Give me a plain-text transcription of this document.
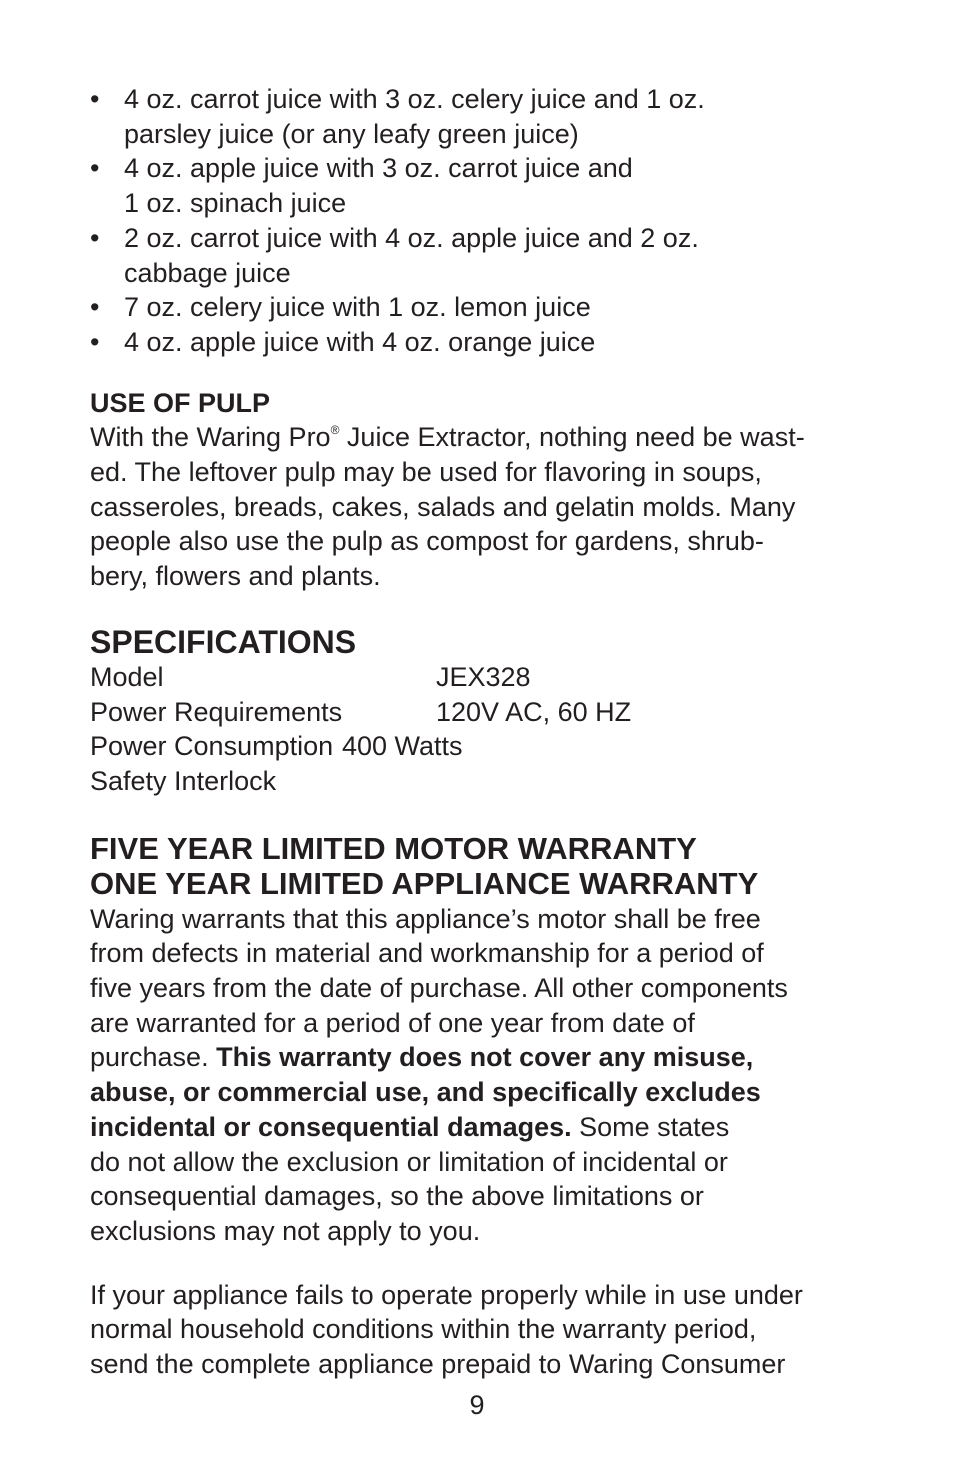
• 4 oz. carrot juice with 3 oz. celery juice and 1 oz.
parsley juice (or any leafy green juice)
• 4 oz. apple juice with 3 oz. carrot juice and
1 oz. spinach juice
• 2 oz. carrot juice with 4 oz. apple juice and 2 oz.
cabbage juice
• 7 oz. celery juice with 1 oz. lemon juice
• 4 oz. apple juice with 4 oz. orange juice
USE OF PULP
With the Waring Pro® Juice Extractor, nothing need be wast-
ed. The leftover pulp may be used for flavoring in soups,
casseroles, breads, cakes, salads and gelatin molds. Many
people also use the pulp as compost for gardens, shrub-
bery, flowers and plants.
SPECIFICATIONS
Model	JEX328
Power Requirements	120V AC, 60 HZ
Power Consumption 400 Watts
Safety Interlock
FIVE YEAR LIMITED MOTOR WARRANTY
ONE YEAR LIMITED APPLIANCE WARRANTY
Waring warrants that this appliance’s motor shall be free
from defects in material and workmanship for a period of
five years from the date of purchase. All other components
are warranted for a period of one year from date of
purchase. This warranty does not cover any misuse,
abuse, or commercial use, and specifically excludes
incidental or consequential damages. Some states
do not allow the exclusion or limitation of incidental or
consequential damages, so the above limitations or
exclusions may not apply to you.
If your appliance fails to operate properly while in use under
normal household conditions within the warranty period,
send the complete appliance prepaid to Waring Consumer
9
